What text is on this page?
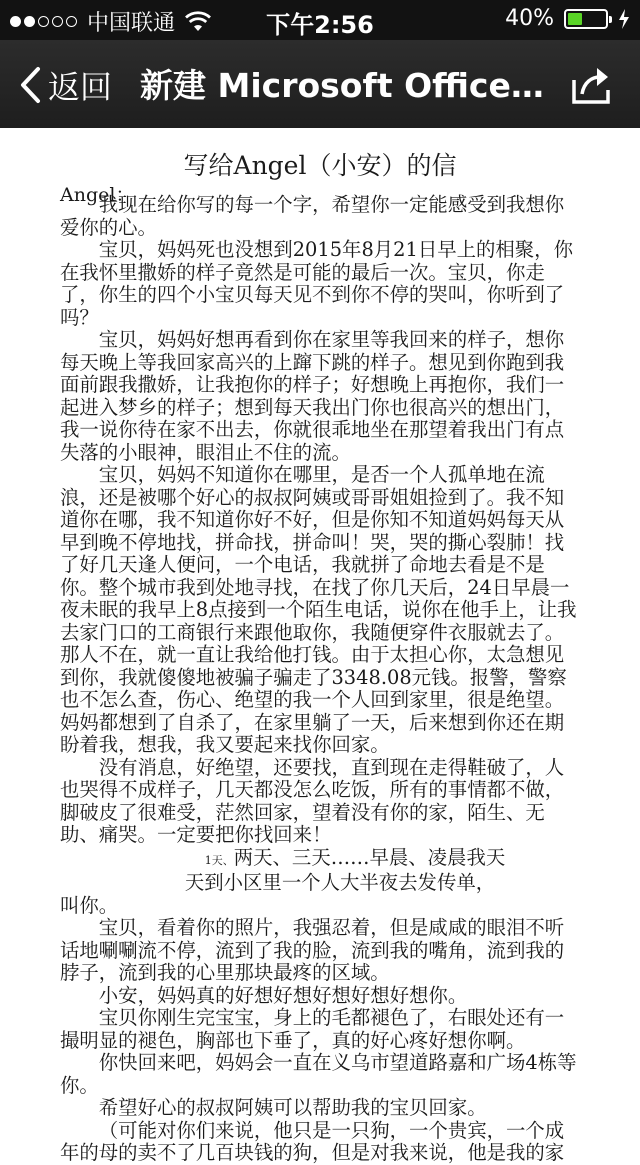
中国联通	下午2:56	40%
返回 新建 Microsoft Office…
写给Angel（小安）的信
Angel：

我现在给你写的每一个字，希望你一定能感受到我想你爱你的心。

宝贝，妈妈死也没想到2015年8月21日早上的相聚，你在我怀里撒娇的样子竟然是可能的最后一次。宝贝，你走了，你生的四个小宝贝每天见不到你不停的哭叫，你听到了吗？

宝贝，妈妈好想再看到你在家里等我回来的样子，想你每天晚上等我回家高兴的上蹿下跳的样子。想见到你跑到我面前跟我撒娇，让我抱你的样子；好想晚上再抱你，我们一起进入梦乡的样子；想到每天我出门你也很高兴的想出门，我一说你待在家不出去，你就很乖地坐在那望着我出门有点失落的小眼神，眼泪止不住的流。

宝贝，妈妈不知道你在哪里，是否一个人孤单地在流浪，还是被哪个好心的叔叔阿姨或哥哥姐姐捡到了。我不知道你在哪，我不知道你好不好，但是你知不知道妈妈每天从早到晚不停地找，拼命找，拼命叫！哭，哭的撕心裂肺！找了好几天逢人便问，一个电话，我就拼了命地去看是不是你。整个城市我到处地寻找，在找了你几天后，24日早晨一夜未眠的我早上8点接到一个陌生电话，说你在他手上，让我去家门口的工商银行来跟他取你，我随便穿件衣服就去了。那人不在，就一直让我给他打钱。由于太担心你，太急想见到你，我就傻傻地被骗子骗走了3348.08元钱。报警，警察也不怎么查，伤心、绝望的我一个人回到家里，很是绝望。妈妈都想到了自杀了，在家里躺了一天，后来想到你还在期盼着我，想我，我又要起来找你回家。

没有消息，好绝望，还要找，直到现在走得鞋破了，人也哭得不成样子，几天都没怎么吃饭，所有的事情都不做，脚破皮了很难受，茫然回家，望着没有你的家，陌生、无助、痛哭。一定要把你找回来！

1天、两天、三天……早晨、凌晨我天

天到小区里一个人大半夜去发传单，

叫你。

宝贝，看着你的照片，我强忍着，但是咸咸的眼泪不听话地唰唰流不停，流到了我的脸，流到我的嘴角，流到我的脖子，流到我的心里那块最疼的区域。

小安，妈妈真的好想好想好想好想好想你。

宝贝你刚生完宝宝，身上的毛都褪色了，右眼处还有一撮明显的褪色，胸部也下垂了，真的好心疼好想你啊。

你快回来吧，妈妈会一直在义乌市望道路嘉和广场4栋等你。

希望好心的叔叔阿姨可以帮助我的宝贝回家。

（可能对你们来说，他只是一只狗，一个贵宾，一个成年的母的卖不了几百块钱的狗，但是对我来说，他是我的家
